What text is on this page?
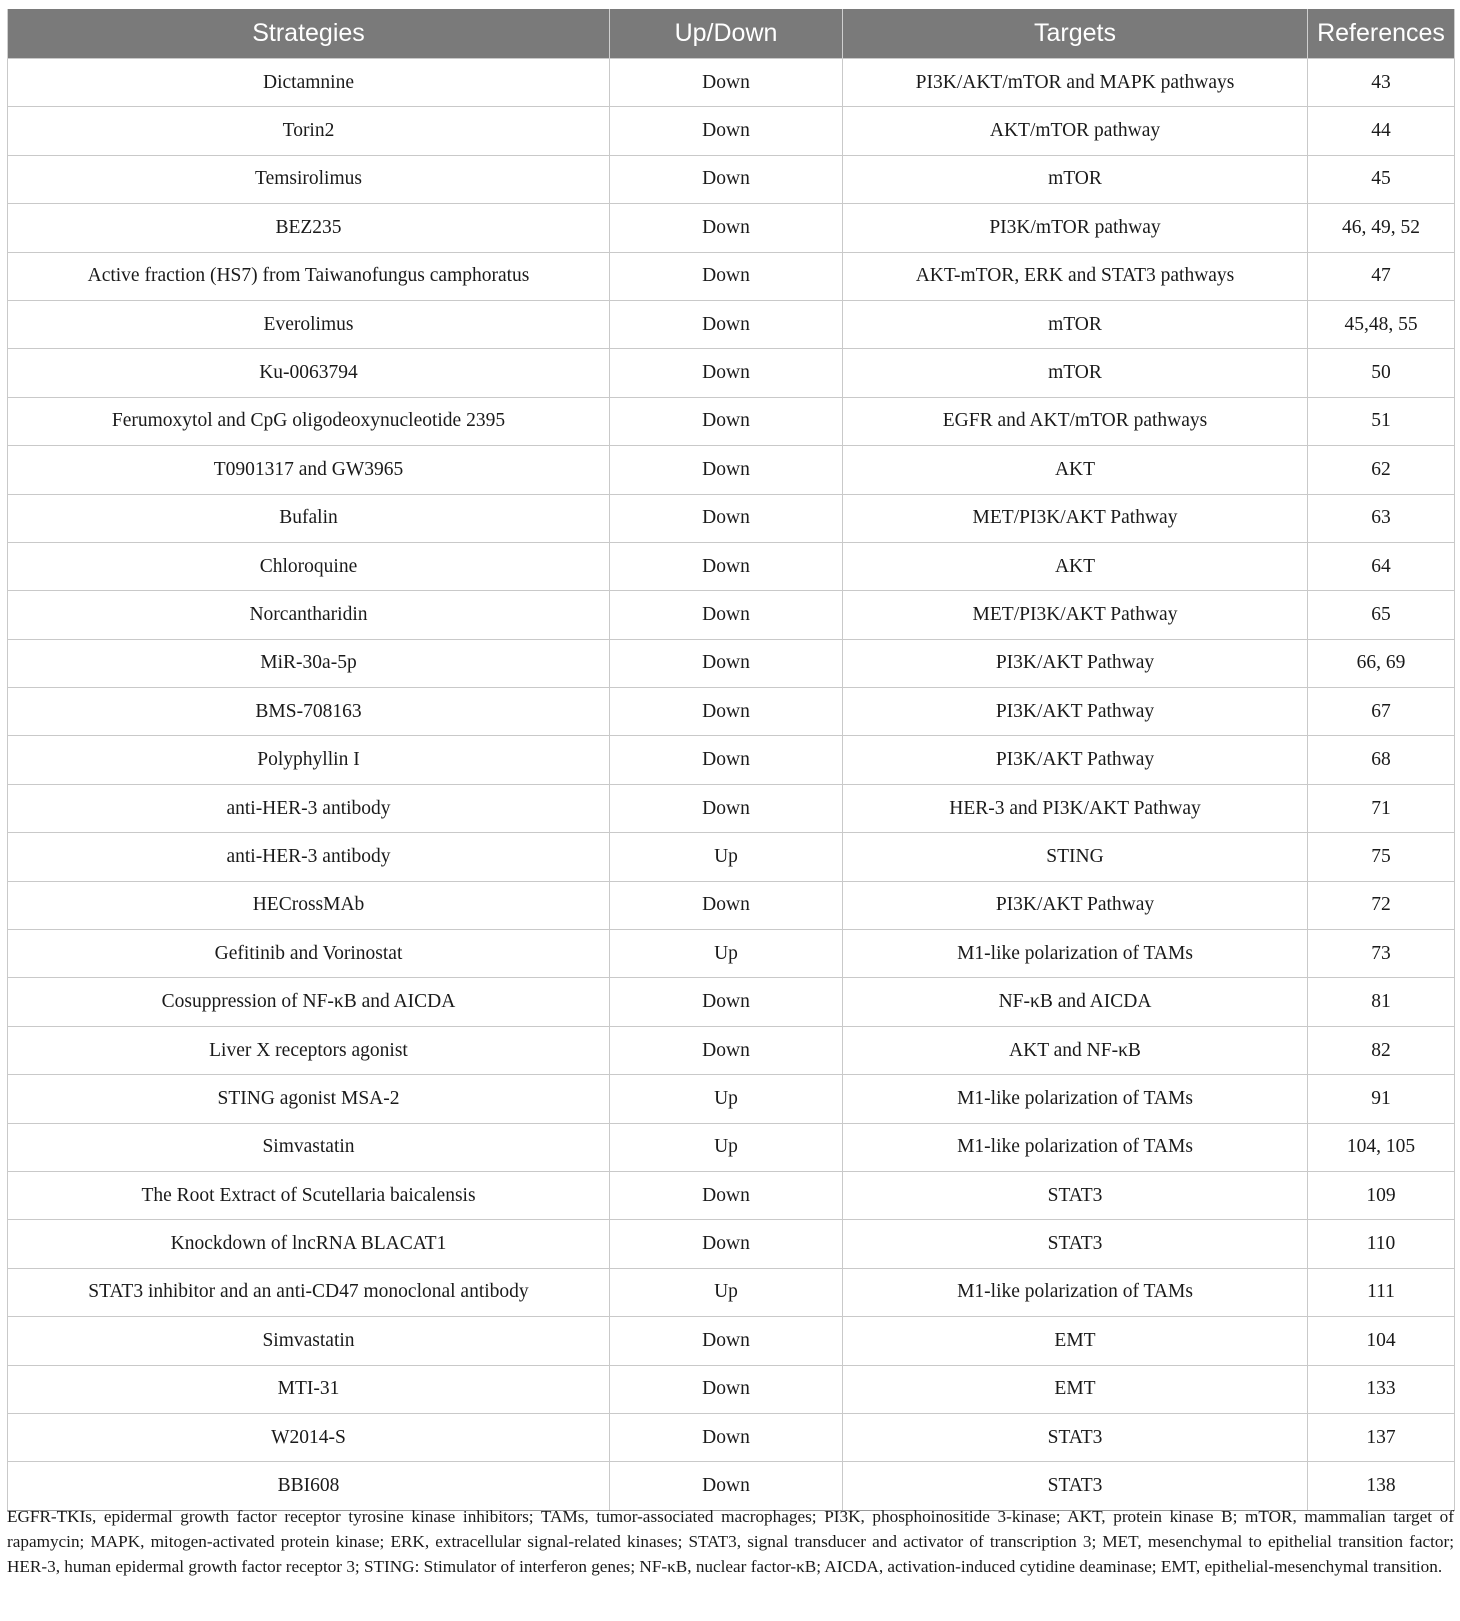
Strategies	Up/Down	Targets	References
Dictamnine	Down	PI3K/AKT/mTOR and MAPK pathways	43
Torin2	Down	AKT/mTOR pathway	44
Temsirolimus	Down	mTOR	45
BEZ235	Down	PI3K/mTOR pathway	46, 49, 52
Active fraction (HS7) from Taiwanofungus camphoratus	Down	AKT-mTOR, ERK and STAT3 pathways	47
Everolimus	Down	mTOR	45,48, 55
Ku-0063794	Down	mTOR	50
Ferumoxytol and CpG oligodeoxynucleotide 2395	Down	EGFR and AKT/mTOR pathways	51
T0901317 and GW3965	Down	AKT	62
Bufalin	Down	MET/PI3K/AKT Pathway	63
Chloroquine	Down	AKT	64
Norcantharidin	Down	MET/PI3K/AKT Pathway	65
MiR-30a-5p	Down	PI3K/AKT Pathway	66, 69
BMS-708163	Down	PI3K/AKT Pathway	67
Polyphyllin I	Down	PI3K/AKT Pathway	68
anti-HER-3 antibody	Down	HER-3 and PI3K/AKT Pathway	71
anti-HER-3 antibody	Up	STING	75
HECrossMAb	Down	PI3K/AKT Pathway	72
Gefitinib and Vorinostat	Up	M1-like polarization of TAMs	73
Cosuppression of NF-κB and AICDA	Down	NF-κB and AICDA	81
Liver X receptors agonist	Down	AKT and NF-κB	82
STING agonist MSA-2	Up	M1-like polarization of TAMs	91
Simvastatin	Up	M1-like polarization of TAMs	104, 105
The Root Extract of Scutellaria baicalensis	Down	STAT3	109
Knockdown of lncRNA BLACAT1	Down	STAT3	110
STAT3 inhibitor and an anti-CD47 monoclonal antibody	Up	M1-like polarization of TAMs	111
Simvastatin	Down	EMT	104
MTI-31	Down	EMT	133
W2014-S	Down	STAT3	137
BBI608	Down	STAT3	138

EGFR-TKIs, epidermal growth factor receptor tyrosine kinase inhibitors; TAMs, tumor-associated macrophages; PI3K, phosphoinositide 3-kinase; AKT, protein kinase B; mTOR, mammalian target of rapamycin; MAPK, mitogen-activated protein kinase; ERK, extracellular signal-related kinases; STAT3, signal transducer and activator of transcription 3; MET, mesenchymal to epithelial transition factor; HER-3, human epidermal growth factor receptor 3; STING: Stimulator of interferon genes; NF-κB, nuclear factor-κB; AICDA, activation-induced cytidine deaminase; EMT, epithelial-mesenchymal transition.
